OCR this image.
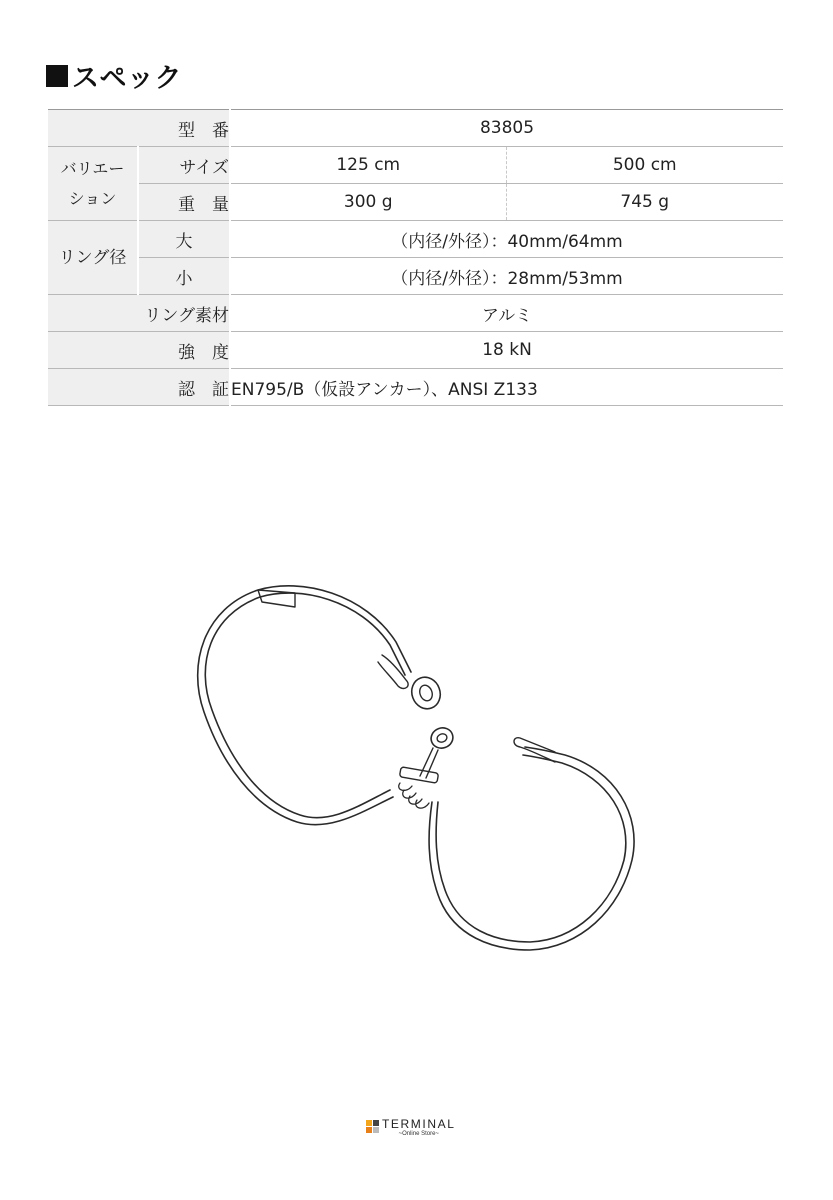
スペック
型　番		83805	

バリエーション	サイズ	125 cm	500 cm
	重　量	300 g	745 g
リング径	大	（内径/外径）：40mm/64mm	
	小	（内径/外径）：28mm/53mm	
リング素材		アルミ	
強　度		18 kN	
認　証		EN795/B（仮設アンカー）、ANSI Z133	
TERMINAL
~Online Store~
